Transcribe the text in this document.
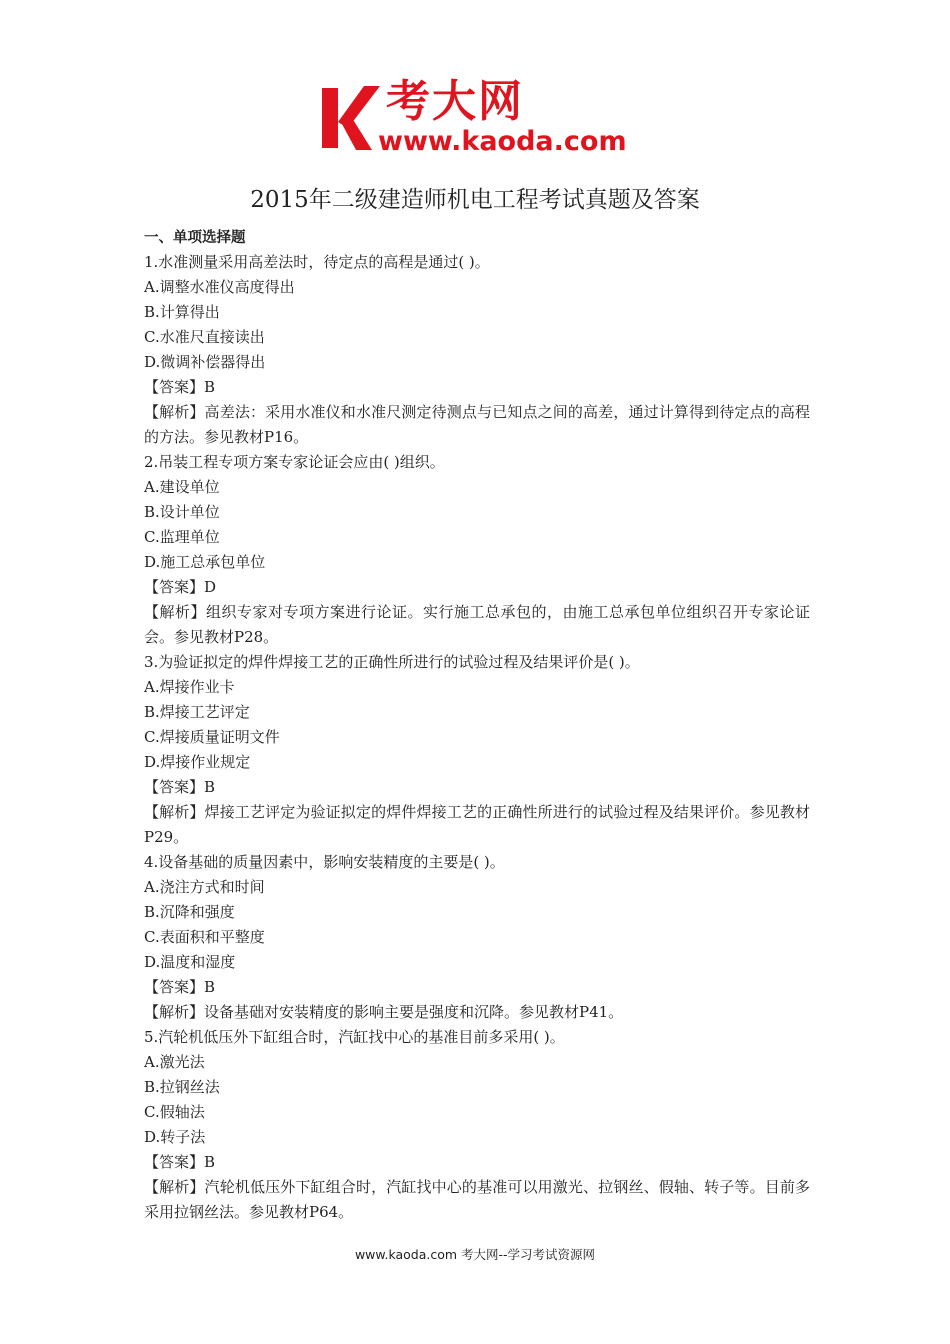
考大网
www.kaoda.com
2015年二级建造师机电工程考试真题及答案
一、单项选择题
1.水准测量采用高差法时，待定点的高程是通过( )。
A.调整水准仪高度得出
B.计算得出
C.水准尺直接读出
D.微调补偿器得出
【答案】B
【解析】高差法：采用水准仪和水准尺测定待测点与已知点之间的高差，通过计算得到待定点的高程的方法。参见教材P16。
2.吊装工程专项方案专家论证会应由( )组织。
A.建设单位
B.设计单位
C.监理单位
D.施工总承包单位
【答案】D
【解析】组织专家对专项方案进行论证。实行施工总承包的，由施工总承包单位组织召开专家论证会。参见教材P28。
3.为验证拟定的焊件焊接工艺的正确性所进行的试验过程及结果评价是( )。
A.焊接作业卡
B.焊接工艺评定
C.焊接质量证明文件
D.焊接作业规定
【答案】B
【解析】焊接工艺评定为验证拟定的焊件焊接工艺的正确性所进行的试验过程及结果评价。参见教材P29。
4.设备基础的质量因素中，影响安装精度的主要是( )。
A.浇注方式和时间
B.沉降和强度
C.表面积和平整度
D.温度和湿度
【答案】B
【解析】设备基础对安装精度的影响主要是强度和沉降。参见教材P41。
5.汽轮机低压外下缸组合时，汽缸找中心的基准目前多采用( )。
A.激光法
B.拉钢丝法
C.假轴法
D.转子法
【答案】B
【解析】汽轮机低压外下缸组合时，汽缸找中心的基准可以用激光、拉钢丝、假轴、转子等。目前多采用拉钢丝法。参见教材P64。
www.kaoda.com 考大网--学习考试资源网
